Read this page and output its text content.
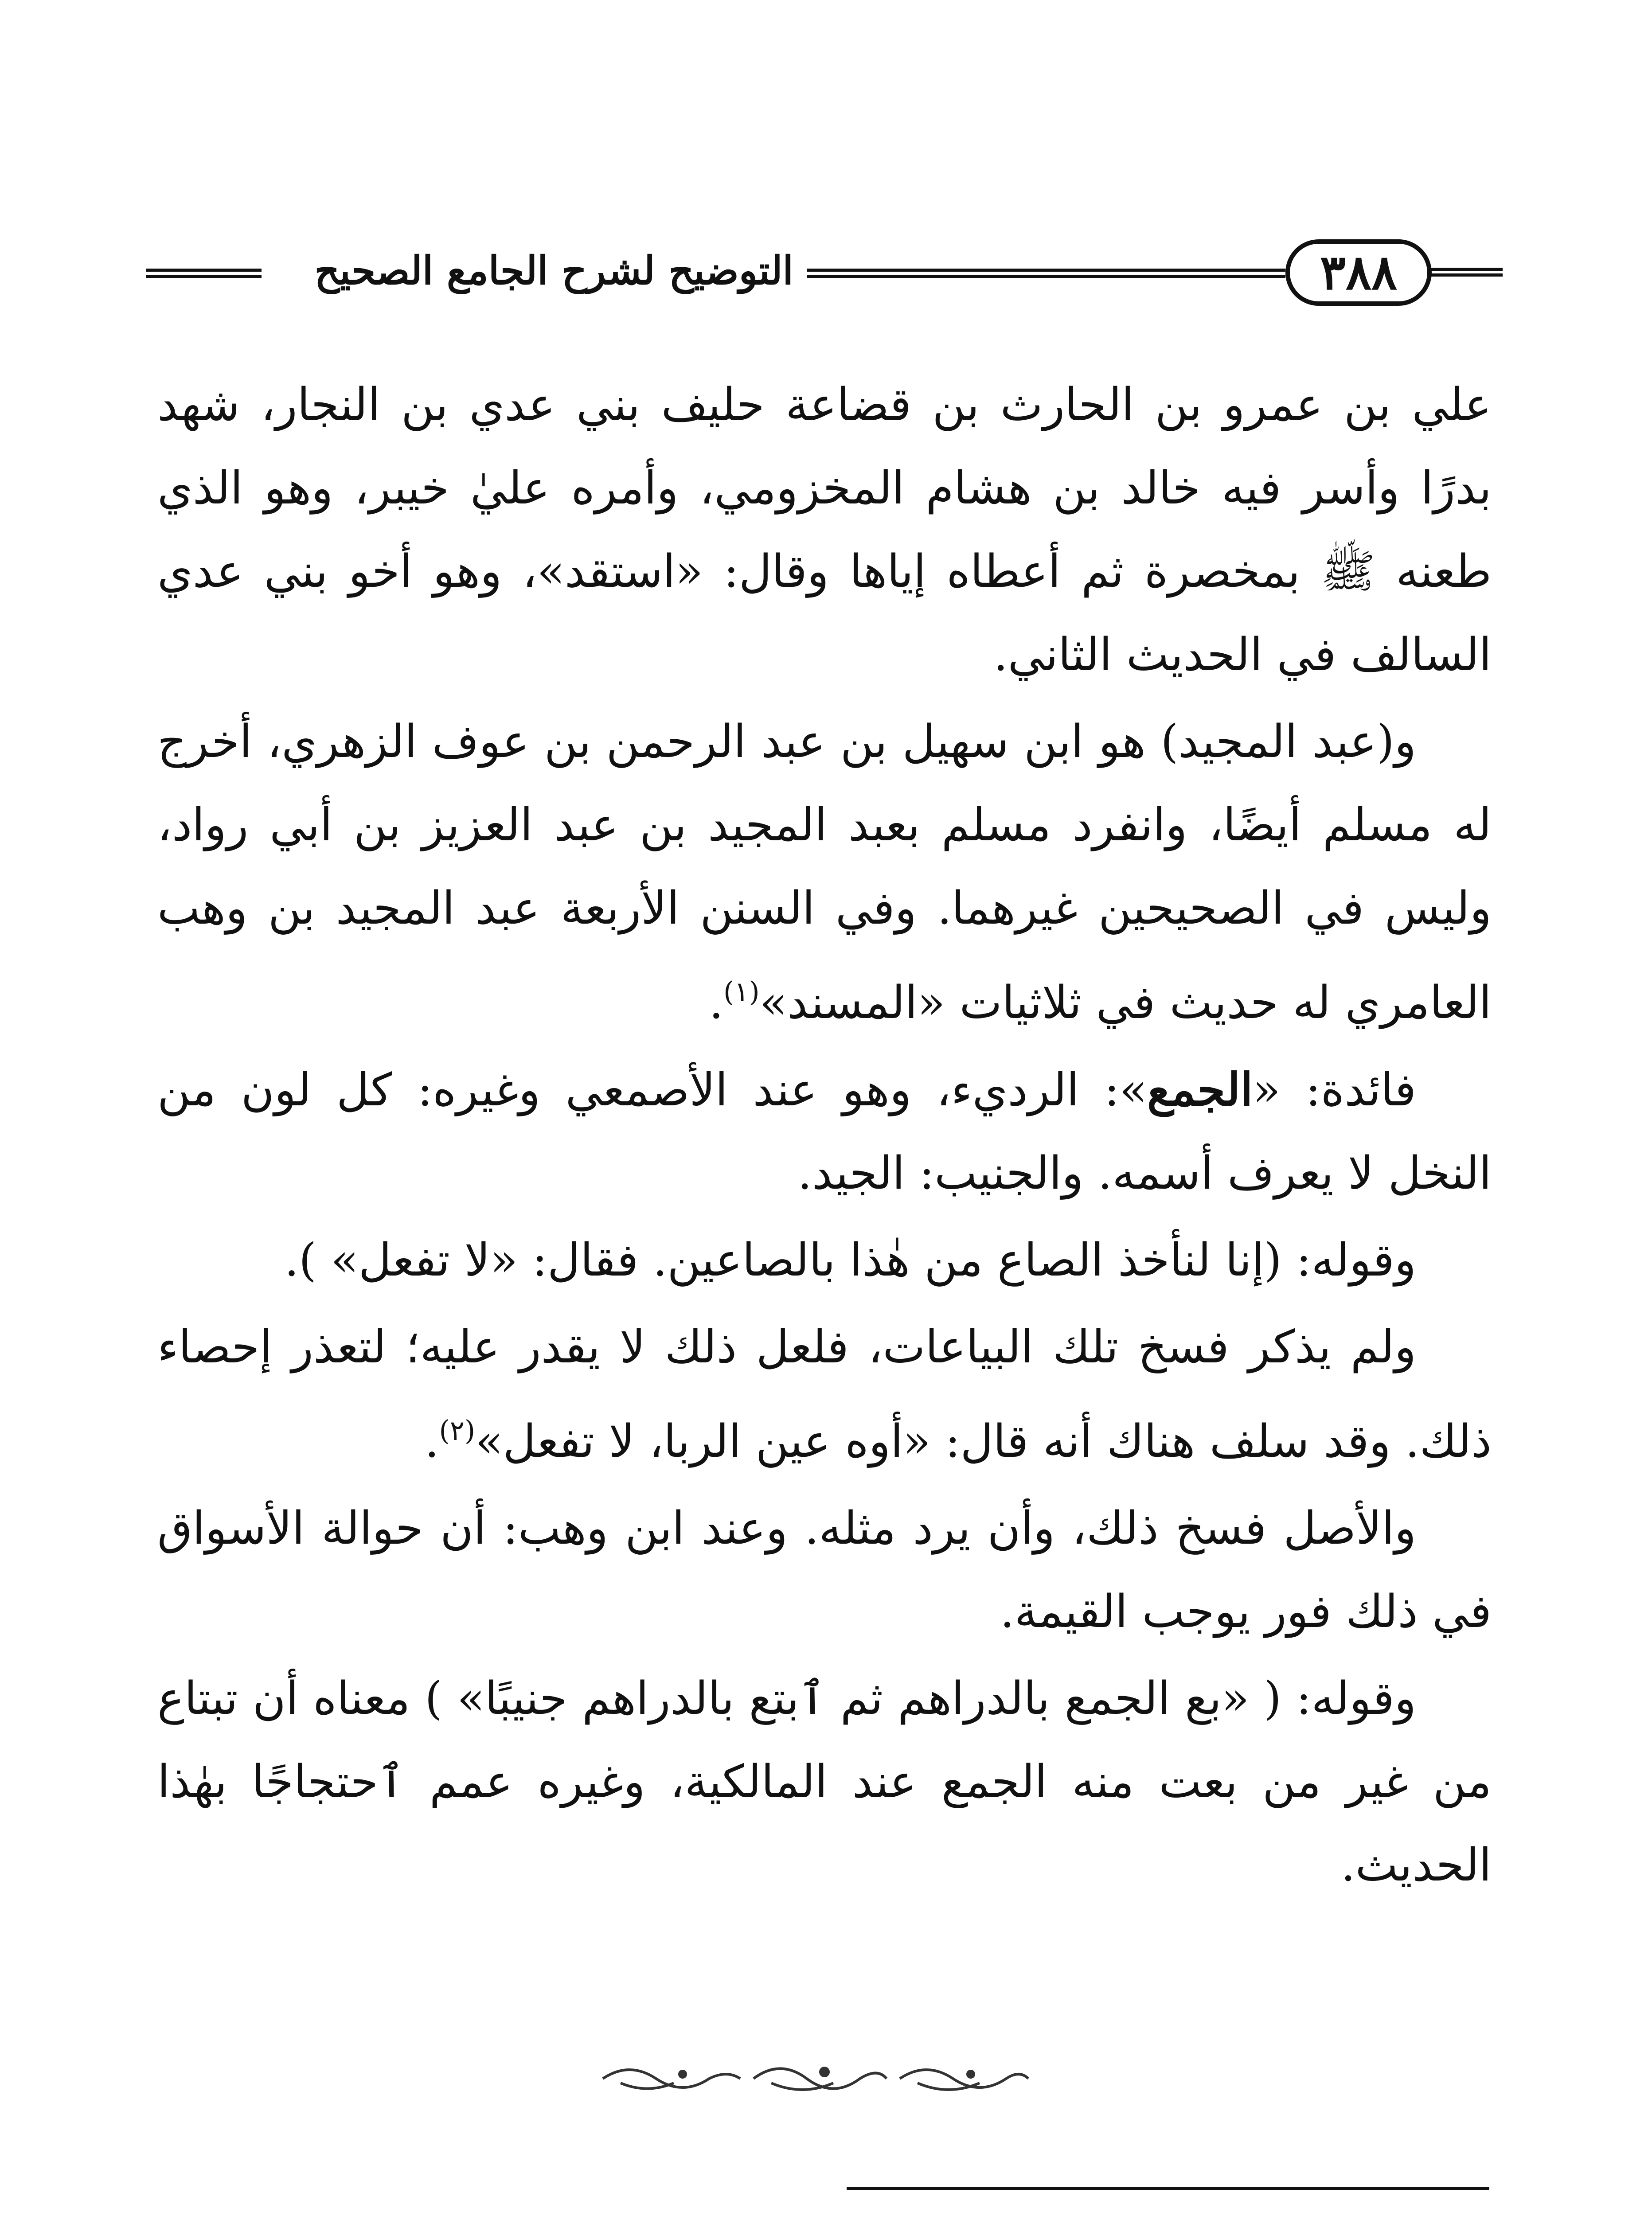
٣٨٨
التوضيح لشرح الجامع الصحيح

علي بن عمرو بن الحارث بن قضاعة حليف بني عدي بن النجار، شهد بدرًا وأسر فيه خالد بن هشام المخزومي، وأمره عليٰ خيبر، وهو الذي طعنه ﷺ بمخصرة ثم أعطاه إياها وقال: «استقد»، وهو أخو بني عدي السالف في الحديث الثاني.

و(عبد المجيد) هو ابن سهيل بن عبد الرحمن بن عوف الزهري، أخرج له مسلم أيضًا، وانفرد مسلم بعبد المجيد بن عبد العزيز بن أبي رواد، وليس في الصحيحين غيرهما. وفي السنن الأربعة عبد المجيد بن وهب العامري له حديث في ثلاثيات «المسند»$^{(١)}$.

فائدة: «الجمع»: الرديء، وهو عند الأصمعي وغيره: كل لون من النخل لا يعرف أسمه. والجنيب: الجيد.

وقوله: (إنا لنأخذ الصاع من هٰذا بالصاعين. فقال: «لا تفعل» ).

ولم يذكر فسخ تلك البياعات، فلعل ذلك لا يقدر عليه؛ لتعذر إحصاء ذلك. وقد سلف هناك أنه قال: «أوه عين الربا، لا تفعل»$^{(٢)}$.

والأصل فسخ ذلك، وأن يرد مثله. وعند ابن وهب: أن حوالة الأسواق في ذلك فور يوجب القيمة.

وقوله: ( «بع الجمع بالدراهم ثم ٱبتع بالدراهم جنيبًا» ) معناه أن تبتاع من غير من بعت منه الجمع عند المالكية، وغيره عمم ٱحتجاجًا بهٰذا الحديث.
